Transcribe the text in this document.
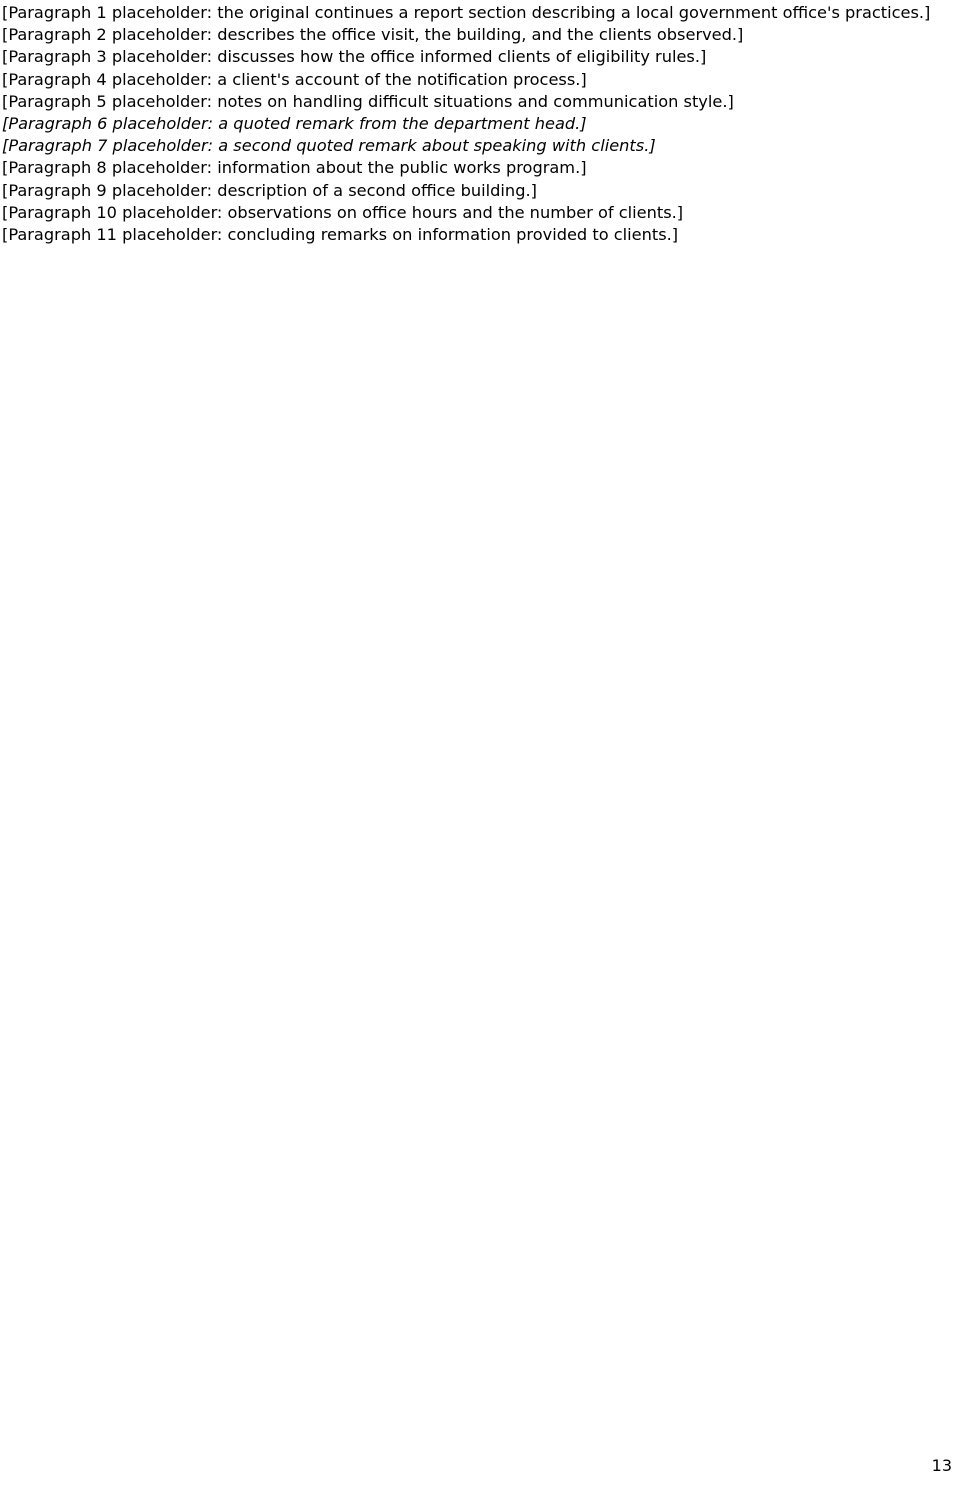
[Paragraph 1 placeholder: the original continues a report section describing a local government office's practices.]

[Paragraph 2 placeholder: describes the office visit, the building, and the clients observed.]

[Paragraph 3 placeholder: discusses how the office informed clients of eligibility rules.]

[Paragraph 4 placeholder: a client's account of the notification process.]

[Paragraph 5 placeholder: notes on handling difficult situations and communication style.]

[Paragraph 6 placeholder: a quoted remark from the department head.]

[Paragraph 7 placeholder: a second quoted remark about speaking with clients.]

[Paragraph 8 placeholder: information about the public works program.]

[Paragraph 9 placeholder: description of a second office building.]

[Paragraph 10 placeholder: observations on office hours and the number of clients.]

[Paragraph 11 placeholder: concluding remarks on information provided to clients.]

13
